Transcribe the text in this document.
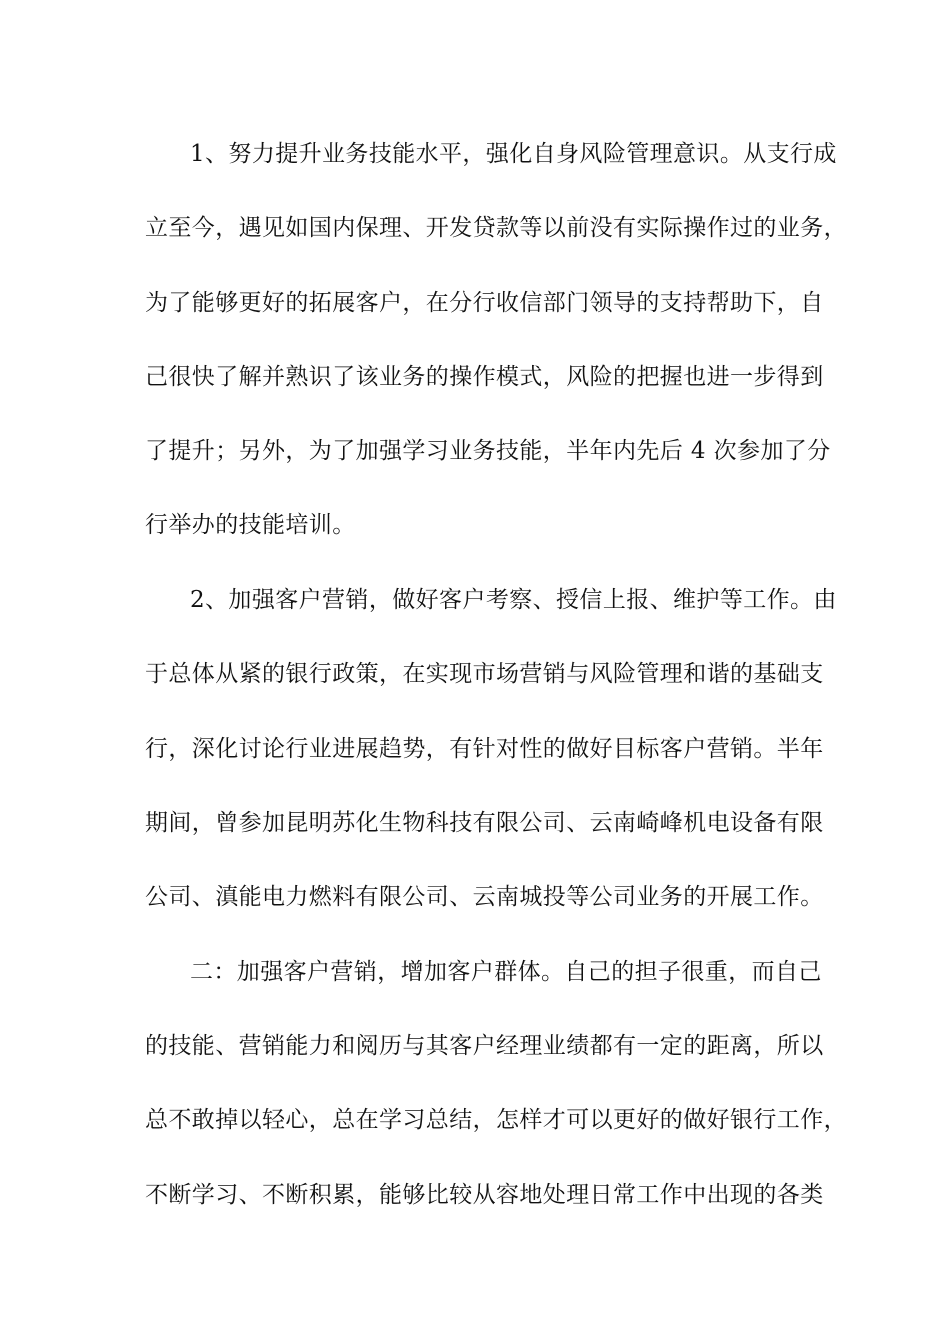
1、努力提升业务技能水平，强化自身风险管理意识。从支行成
立至今，遇见如国内保理、开发贷款等以前没有实际操作过的业务，
为了能够更好的拓展客户，在分行收信部门领导的支持帮助下，自
己很快了解并熟识了该业务的操作模式，风险的把握也进一步得到
了提升；另外，为了加强学习业务技能，半年内先后 4 次参加了分
行举办的技能培训。
2、加强客户营销，做好客户考察、授信上报、维护等工作。由
于总体从紧的银行政策，在实现市场营销与风险管理和谐的基础支
行，深化讨论行业进展趋势，有针对性的做好目标客户营销。半年
期间，曾参加昆明苏化生物科技有限公司、云南崎峰机电设备有限
公司、滇能电力燃料有限公司、云南城投等公司业务的开展工作。
二：加强客户营销，增加客户群体。自己的担子很重，而自己
的技能、营销能力和阅历与其客户经理业绩都有一定的距离，所以
总不敢掉以轻心，总在学习总结，怎样才可以更好的做好银行工作，
不断学习、不断积累，能够比较从容地处理日常工作中出现的各类
